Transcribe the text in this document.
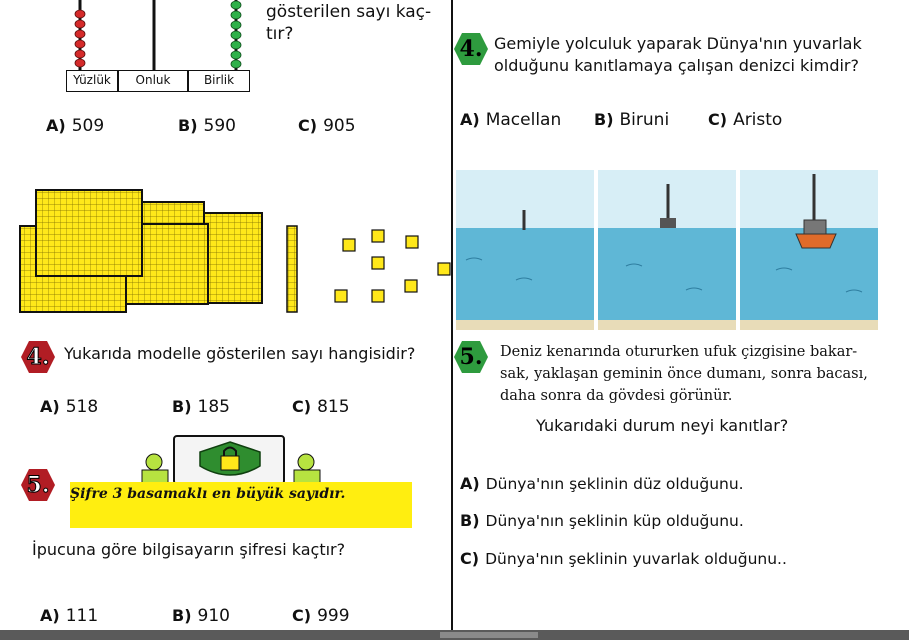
Yüzlük	Onluk	Birlik
gösterilen sayı kaç-
tır?
A) 509	B) 590	C) 905
4. Yukarıda modelle gösterilen sayı hangisidir?
A) 518	B) 185	C) 815
5. Şifre 3 basamaklı en büyük sayıdır.
İpucuna göre bilgisayarın şifresi kaçtır?
A) 111	B) 910	C) 999
4. Gemiyle yolculuk yaparak Dünya'nın yuvarlak
olduğunu kanıtlamaya çalışan denizci kimdir?
A) Macellan B) Biruni C) Aristo
5. Deniz kenarında otururken ufuk çizgisine bakar-
sak, yaklaşan geminin önce dumanı, sonra bacası,
daha sonra da gövdesi görünür.
Yukarıdaki durum neyi kanıtlar?
A) Dünya'nın şeklinin düz olduğunu.
B) Dünya'nın şeklinin küp olduğunu.
C) Dünya'nın şeklinin yuvarlak olduğunu..
